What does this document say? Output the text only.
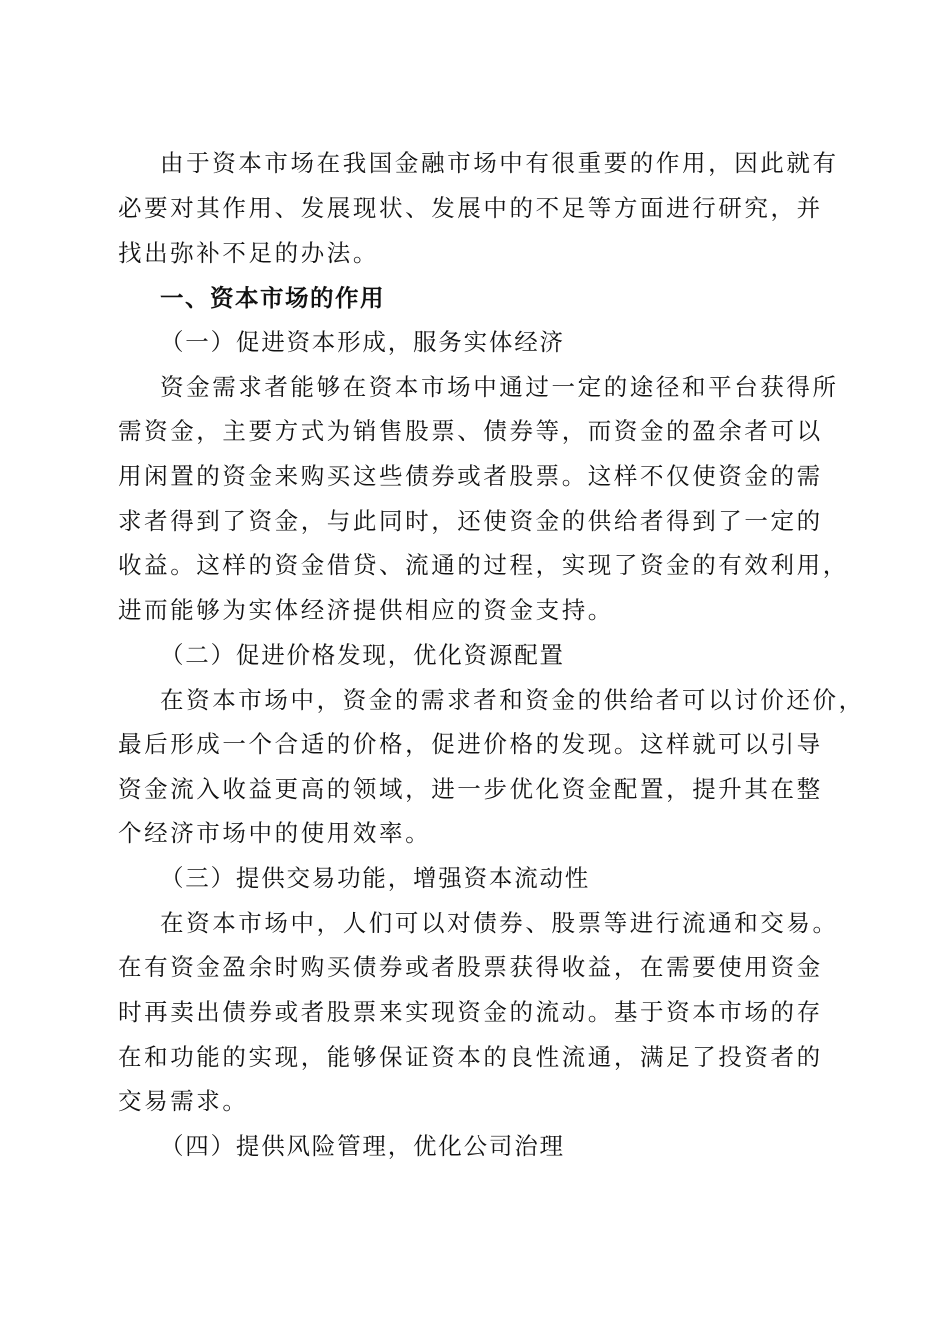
由于资本市场在我国金融市场中有很重要的作用，因此就有

必要对其作用、发展现状、发展中的不足等方面进行研究，并

找出弥补不足的办法。

一、资本市场的作用

（一）促进资本形成，服务实体经济

资金需求者能够在资本市场中通过一定的途径和平台获得所

需资金，主要方式为销售股票、债券等，而资金的盈余者可以

用闲置的资金来购买这些债券或者股票。这样不仅使资金的需

求者得到了资金，与此同时，还使资金的供给者得到了一定的

收益。这样的资金借贷、流通的过程，实现了资金的有效利用，

进而能够为实体经济提供相应的资金支持。

（二）促进价格发现，优化资源配置

在资本市场中，资金的需求者和资金的供给者可以讨价还价，

最后形成一个合适的价格，促进价格的发现。这样就可以引导

资金流入收益更高的领域，进一步优化资金配置，提升其在整

个经济市场中的使用效率。

（三）提供交易功能，增强资本流动性

在资本市场中，人们可以对债券、股票等进行流通和交易。

在有资金盈余时购买债券或者股票获得收益，在需要使用资金

时再卖出债券或者股票来实现资金的流动。基于资本市场的存

在和功能的实现，能够保证资本的良性流通，满足了投资者的

交易需求。

（四）提供风险管理，优化公司治理
